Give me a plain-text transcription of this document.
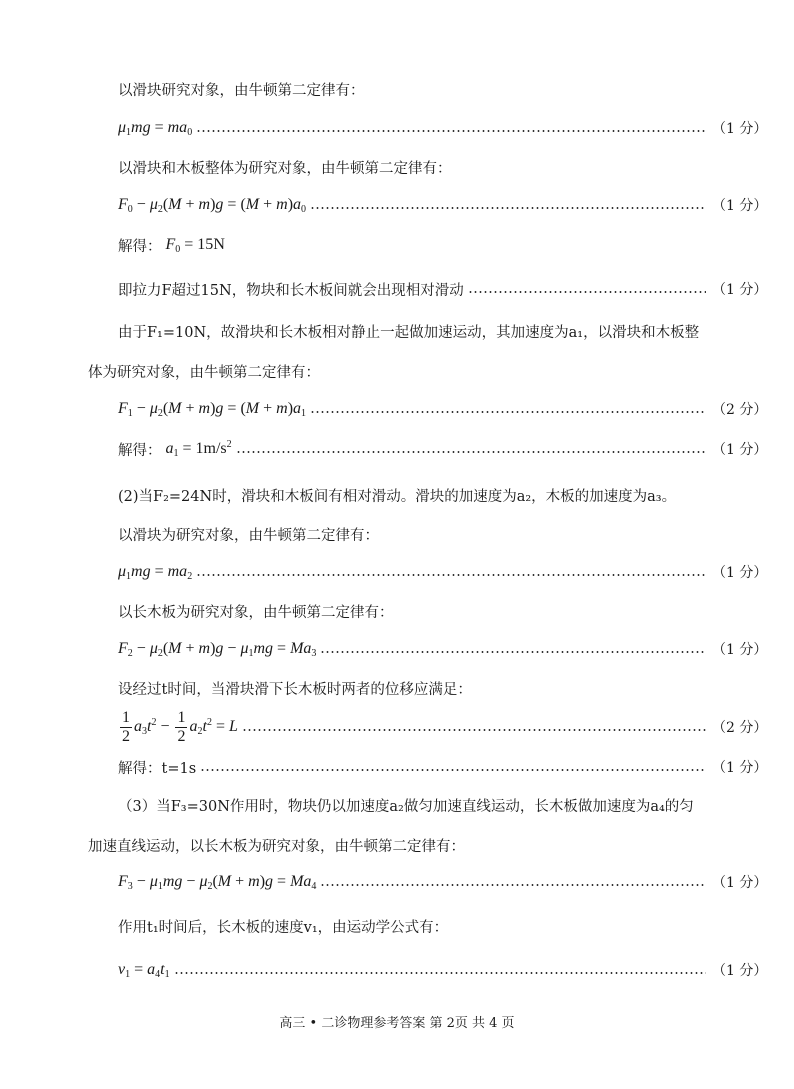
以滑块研究对象，由牛顿第二定律有：
$\mu_1mg = ma_0$	（1 分）
以滑块和木板整体为研究对象，由牛顿第二定律有：
$F_0 - \mu_2(M + m)g = (M + m)a_0$	（1 分）
解得： $F_0 = 15N$
即拉力F超过15N，物块和长木板间就会出现相对滑动	（1 分）
由于F₁=10N，故滑块和长木板相对静止一起做加速运动，其加速度为a₁，以滑块和木板整
体为研究对象，由牛顿第二定律有：
$F_1 - \mu_2(M + m)g = (M + m)a_1$	（2 分）
解得： $a_1 = 1m/s^2$	（1 分）
(2)当F₂=24N时，滑块和木板间有相对滑动。滑块的加速度为a₂，木板的加速度为a₃。
以滑块为研究对象，由牛顿第二定律有：
$\mu_1mg = ma_2$	（1 分）
以长木板为研究对象，由牛顿第二定律有：
$F_2 - \mu_2(M + m)g - \mu_1mg = Ma_3$	（1 分）
设经过t时间，当滑块滑下长木板时两者的位移应满足：
$\frac{1}{2} a_3t^2 - \frac{1}{2} a_2t^2 = L$	（2 分）
解得：t=1s	（1 分）
（3）当F₃=30N作用时，物块仍以加速度a₂做匀加速直线运动，长木板做加速度为a₄的匀
加速直线运动，以长木板为研究对象，由牛顿第二定律有：
$F_3 - \mu_1mg - \mu_2(M + m)g = Ma_4$	（1 分）
作用t₁时间后，长木板的速度v₁，由运动学公式有：
$v_1 = a_4t_1$	（1 分）
高三 • 二诊物理参考答案 第 2页 共 4 页
